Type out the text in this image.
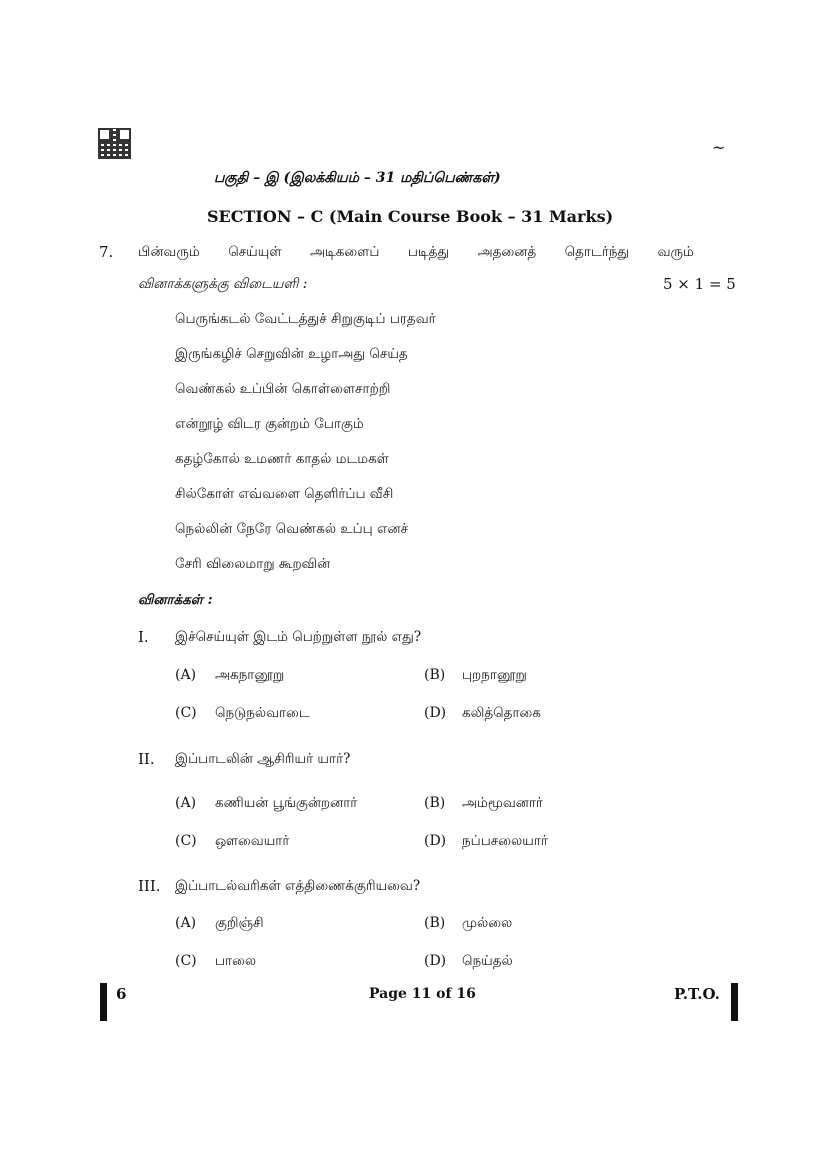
~
பகுதி – இ (இலக்கியம் – 31 மதிப்பெண்கள்)
SECTION – C (Main Course Book – 31 Marks)
7. பின்வரும் செய்யுள் அடிகளைப் படித்து அதனைத் தொடர்ந்து வரும்
வினாக்களுக்கு விடையளி :	5 × 1 = 5
பெருங்கடல் வேட்டத்துச் சிறுகுடிப் பரதவர்
இருங்கழிச் செறுவின் உழாஅது செய்த
வெண்கல் உப்பின் கொள்ளைசாற்றி
என்றூழ் விடர குன்றம் போகும்
கதழ்கோல் உமணர் காதல் மடமகள்
சில்கோள் எவ்வளை தெளிர்ப்ப வீசி
நெல்லின் நேரே வெண்கல் உப்பு எனச்
சேரி விலைமாறு கூறவின்
வினாக்கள் :
I. இச்செய்யுள் இடம் பெற்றுள்ள நூல் எது?
(A) அகநானூறு	(B) புறநானூறு
(C) நெடுநல்வாடை	(D) கலித்தொகை
II. இப்பாடலின் ஆசிரியர் யார்?
(A) கணியன் பூங்குன்றனார்	(B) அம்மூவனார்
(C) ஔவையார்	(D) நப்பசலையார்
III. இப்பாடல்வரிகள் எத்திணைக்குரியவை?
(A) குறிஞ்சி	(B) முல்லை
(C) பாலை	(D) நெய்தல்
6	Page 11 of 16	P.T.O.
